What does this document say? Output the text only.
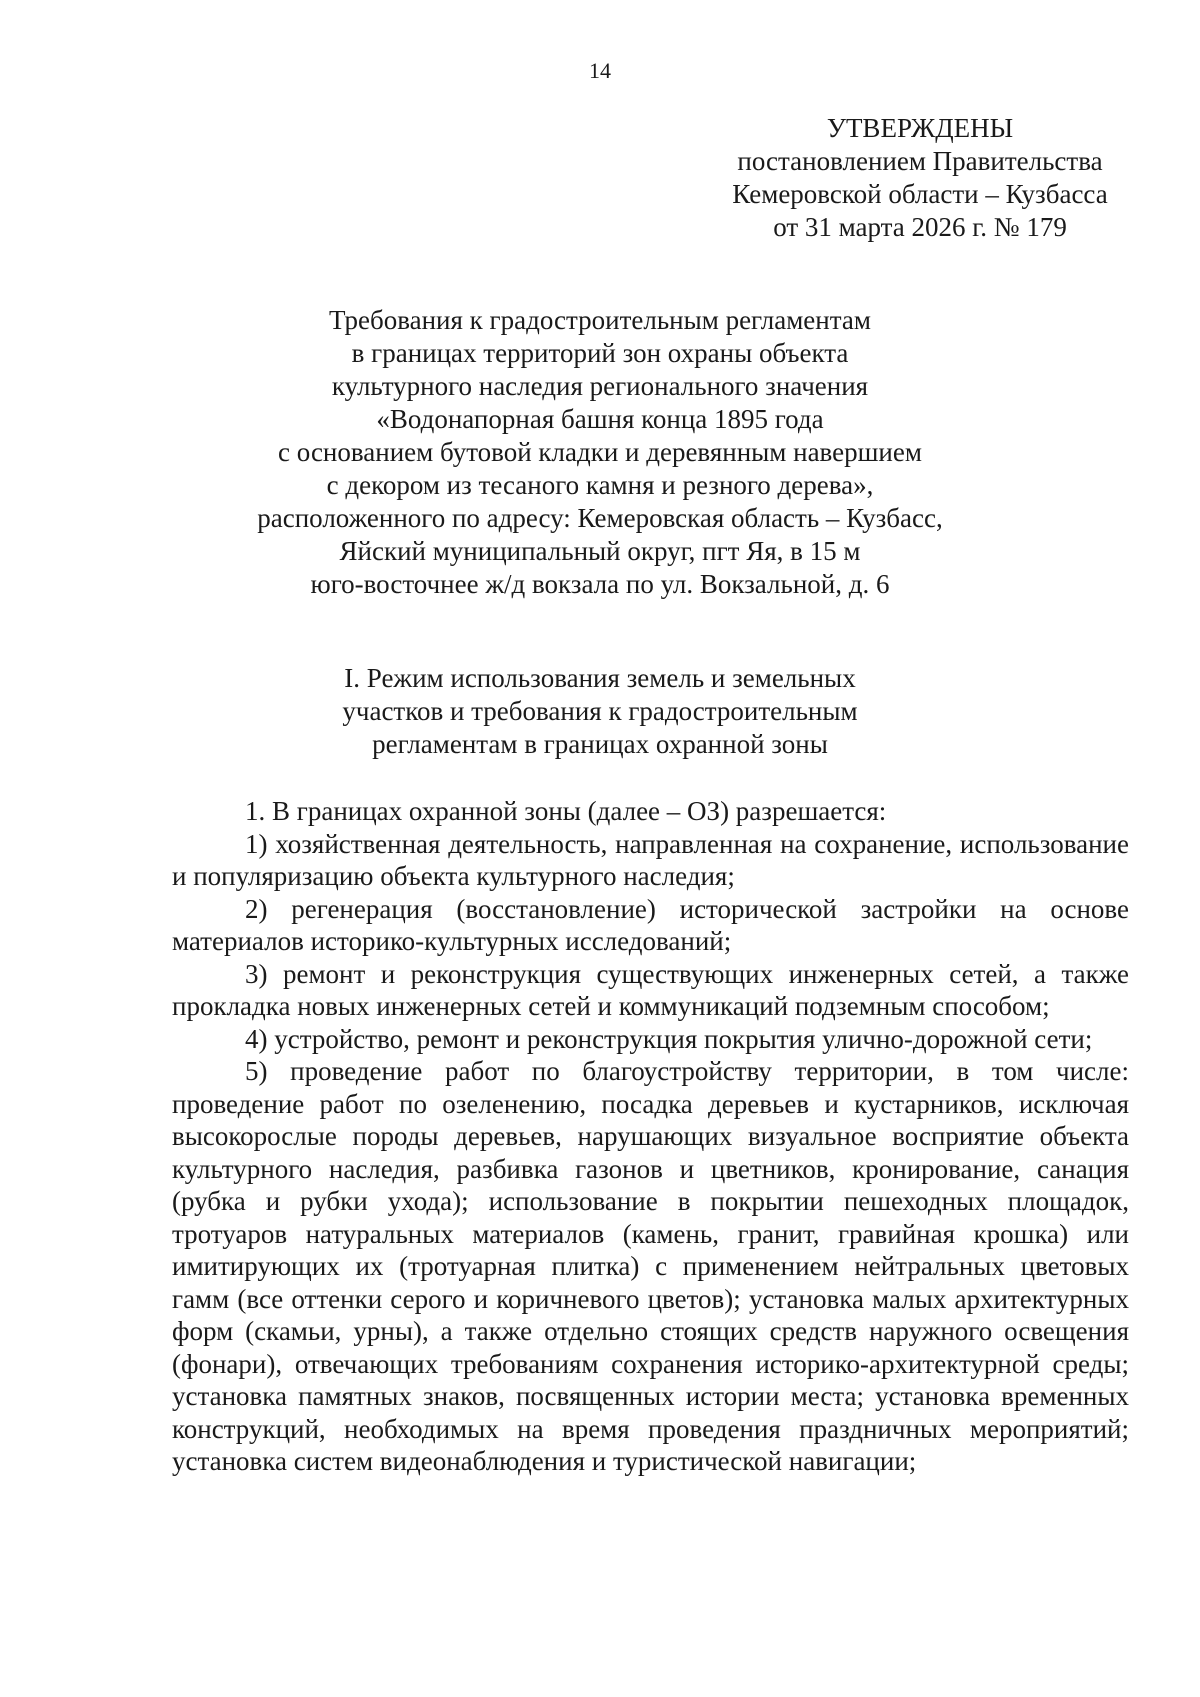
14
УТВЕРЖДЕНЫ
постановлением Правительства
Кемеровской области – Кузбасса
от 31 марта 2026 г. № 179
Требования к градостроительным регламентам
в границах территорий зон охраны объекта
культурного наследия регионального значения
«Водонапорная башня конца 1895 года
с основанием бутовой кладки и деревянным навершием
с декором из тесаного камня и резного дерева»,
расположенного по адресу: Кемеровская область – Кузбасс,
Яйский муниципальный округ, пгт Яя, в 15 м
юго-восточнее ж/д вокзала по ул. Вокзальной, д. 6
I. Режим использования земель и земельных
участков и требования к градостроительным
регламентам в границах охранной зоны

1. В границах охранной зоны (далее – ОЗ) разрешается:

1) хозяйственная деятельность, направленная на сохранение, использование и популяризацию объекта культурного наследия;

2) регенерация (восстановление) исторической застройки на основе материалов историко-культурных исследований;

3) ремонт и реконструкция существующих инженерных сетей, а также прокладка новых инженерных сетей и коммуникаций подземным способом;

4) устройство, ремонт и реконструкция покрытия улично-дорожной сети;

5) проведение работ по благоустройству территории, в том числе: проведение работ по озеленению, посадка деревьев и кустарников, исключая высокорослые породы деревьев, нарушающих визуальное восприятие объекта культурного наследия, разбивка газонов и цветников, кронирование, санация (рубка и рубки ухода); использование в покрытии пешеходных площадок, тротуаров натуральных материалов (камень, гранит, гравийная крошка) или имитирующих их (тротуарная плитка) с применением нейтральных цветовых гамм (все оттенки серого и коричневого цветов); установка малых архитектурных форм (скамьи, урны), а также отдельно стоящих средств наружного освещения (фонари), отвечающих требованиям сохранения историко-архитектурной среды; установка памятных знаков, посвященных истории места; установка временных конструкций, необходимых на время проведения праздничных мероприятий; установка систем видеонаблюдения и туристической навигации;
